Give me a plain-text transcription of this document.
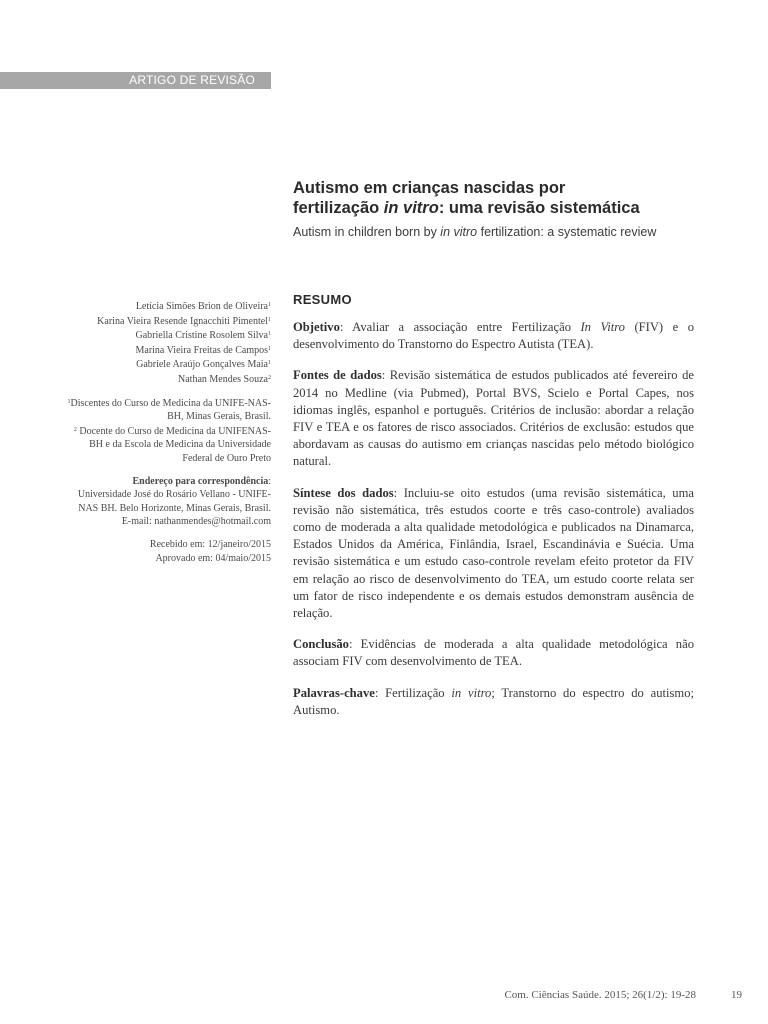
ARTIGO DE REVISÃO
Autismo em crianças nascidas por
fertilização in vitro: uma revisão sistemática

Autism in children born by in vitro fertilization: a systematic review

Letícia Simões Brion de Oliveira$^1$
Karina Vieira Resende Ignacchiti Pimentel$^1$
Gabriella Cristine Rosolem Silva$^1$
Marina Vieira Freitas de Campos$^1$
Gabriele Araújo Gonçalves Maia$^1$
Nathan Mendes Souza$^2$
$^1$Discentes do Curso de Medicina da UNIFE-NAS-BH, Minas Gerais, Brasil.
$^2$ Docente do Curso de Medicina da UNIFENAS-BH e da Escola de Medicina da Universidade Federal de Ouro Preto
Endereço para correspondência:
Universidade José do Rosário Vellano - UNIFE-
NAS BH. Belo Horizonte, Minas Gerais, Brasil.
E-mail: nathanmendes@hotmail.com
Recebido em: 12/janeiro/2015
Aprovado em: 04/maio/2015
RESUMO

Objetivo: Avaliar a associação entre Fertilização In Vitro (FIV) e o desenvolvimento do Transtorno do Espectro Autista (TEA).

Fontes de dados: Revisão sistemática de estudos publicados até fevereiro de 2014 no Medline (via Pubmed), Portal BVS, Scielo e Portal Capes, nos idiomas inglês, espanhol e português. Critérios de inclusão: abordar a relação FIV e TEA e os fatores de risco associados. Critérios de exclusão: estudos que abordavam as causas do autismo em crianças nascidas pelo método biológico natural.

Síntese dos dados: Incluiu-se oito estudos (uma revisão sistemática, uma revisão não sistemática, três estudos coorte e três caso-controle) avaliados como de moderada a alta qualidade metodológica e publicados na Dinamarca, Estados Unidos da América, Finlândia, Israel, Escandinávia e Suécia. Uma revisão sistemática e um estudo caso-controle revelam efeito protetor da FIV em relação ao risco de desenvolvimento do TEA, um estudo coorte relata ser um fator de risco independente e os demais estudos demonstram ausência de relação.

Conclusão: Evidências de moderada a alta qualidade metodológica não associam FIV com desenvolvimento de TEA.

Palavras-chave: Fertilização in vitro; Transtorno do espectro do autismo; Autismo.

Com. Ciências Saúde. 2015; 26(1/2): 19-28	19
